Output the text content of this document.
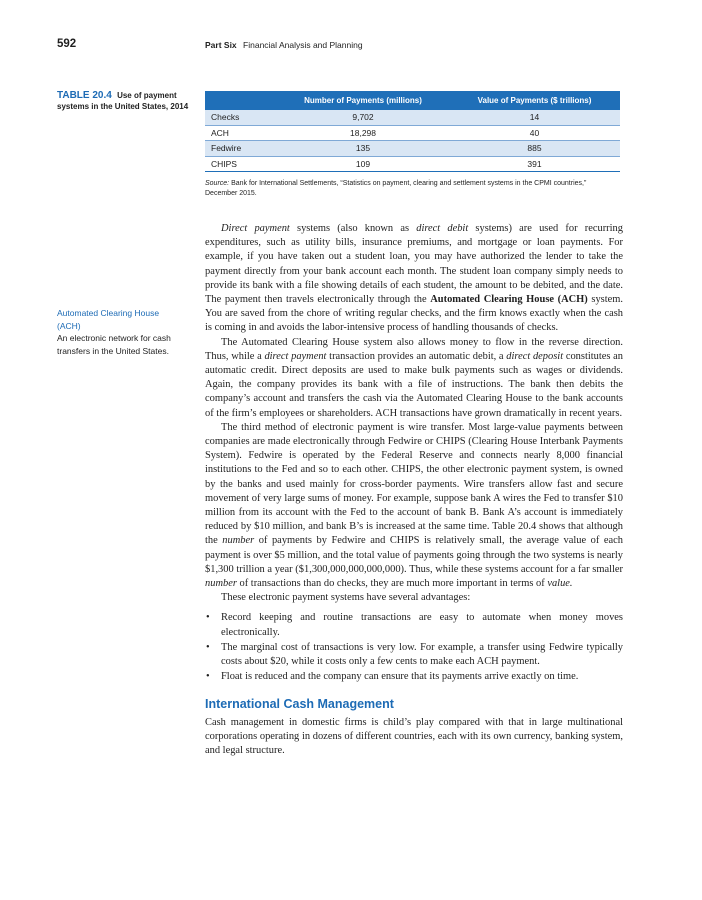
592	Part Six Financial Analysis and Planning
TABLE 20.4 Use of payment systems in the United States, 2014
	Number of Payments (millions)	Value of Payments ($ trillions)
Checks	9,702	14
ACH	18,298	40
Fedwire	135	885
CHIPS	109	391
Source: Bank for International Settlements, “Statistics on payment, clearing and settlement systems in the CPMI countries,” December 2015.
Automated Clearing House (ACH)
An electronic network for cash transfers in the United States.

Direct payment systems (also known as direct debit systems) are used for recurring expenditures, such as utility bills, insurance premiums, and mortgage or loan payments. For example, if you have taken out a student loan, you may have authorized the lender to take the payment directly from your bank account each month. The student loan company simply needs to provide its bank with a file showing details of each student, the amount to be debited, and the date. The payment then travels electronically through the Automated Clearing House (ACH) system. You are saved from the chore of writing regular checks, and the firm knows exactly when the cash is coming in and avoids the labor-intensive process of handling thousands of checks.

The Automated Clearing House system also allows money to flow in the reverse direction. Thus, while a direct payment transaction provides an automatic debit, a direct deposit constitutes an automatic credit. Direct deposits are used to make bulk payments such as wages or dividends. Again, the company provides its bank with a file of instructions. The bank then debits the company’s account and transfers the cash via the Automated Clearing House to the bank accounts of the firm’s employees or shareholders. ACH transactions have grown dramatically in recent years.

The third method of electronic payment is wire transfer. Most large-value payments between companies are made electronically through Fedwire or CHIPS (Clearing House Interbank Payments System). Fedwire is operated by the Federal Reserve and connects nearly 8,000 financial institutions to the Fed and so to each other. CHIPS, the other electronic payment system, is owned by the banks and used mainly for cross-border payments. Wire transfers allow fast and secure movement of very large sums of money. For example, suppose bank A wires the Fed to transfer $10 million from its account with the Fed to the account of bank B. Bank A’s account is immediately reduced by $10 million, and bank B’s is increased at the same time. Table 20.4 shows that although the number of payments by Fedwire and CHIPS is relatively small, the average value of each payment is over $5 million, and the total value of payments going through the two systems is nearly $1,300 trillion a year ($1,300,000,000,000,000). Thus, while these systems account for a far smaller number of transactions than do checks, they are much more important in terms of value.

These electronic payment systems have several advantages:

• Record keeping and routine transactions are easy to automate when money moves electronically.
• The marginal cost of transactions is very low. For example, a transfer using Fedwire typically costs about $20, while it costs only a few cents to make each ACH payment.
• Float is reduced and the company can ensure that its payments arrive exactly on time.
International Cash Management

Cash management in domestic firms is child’s play compared with that in large multinational corporations operating in dozens of different countries, each with its own currency, banking system, and legal structure.
